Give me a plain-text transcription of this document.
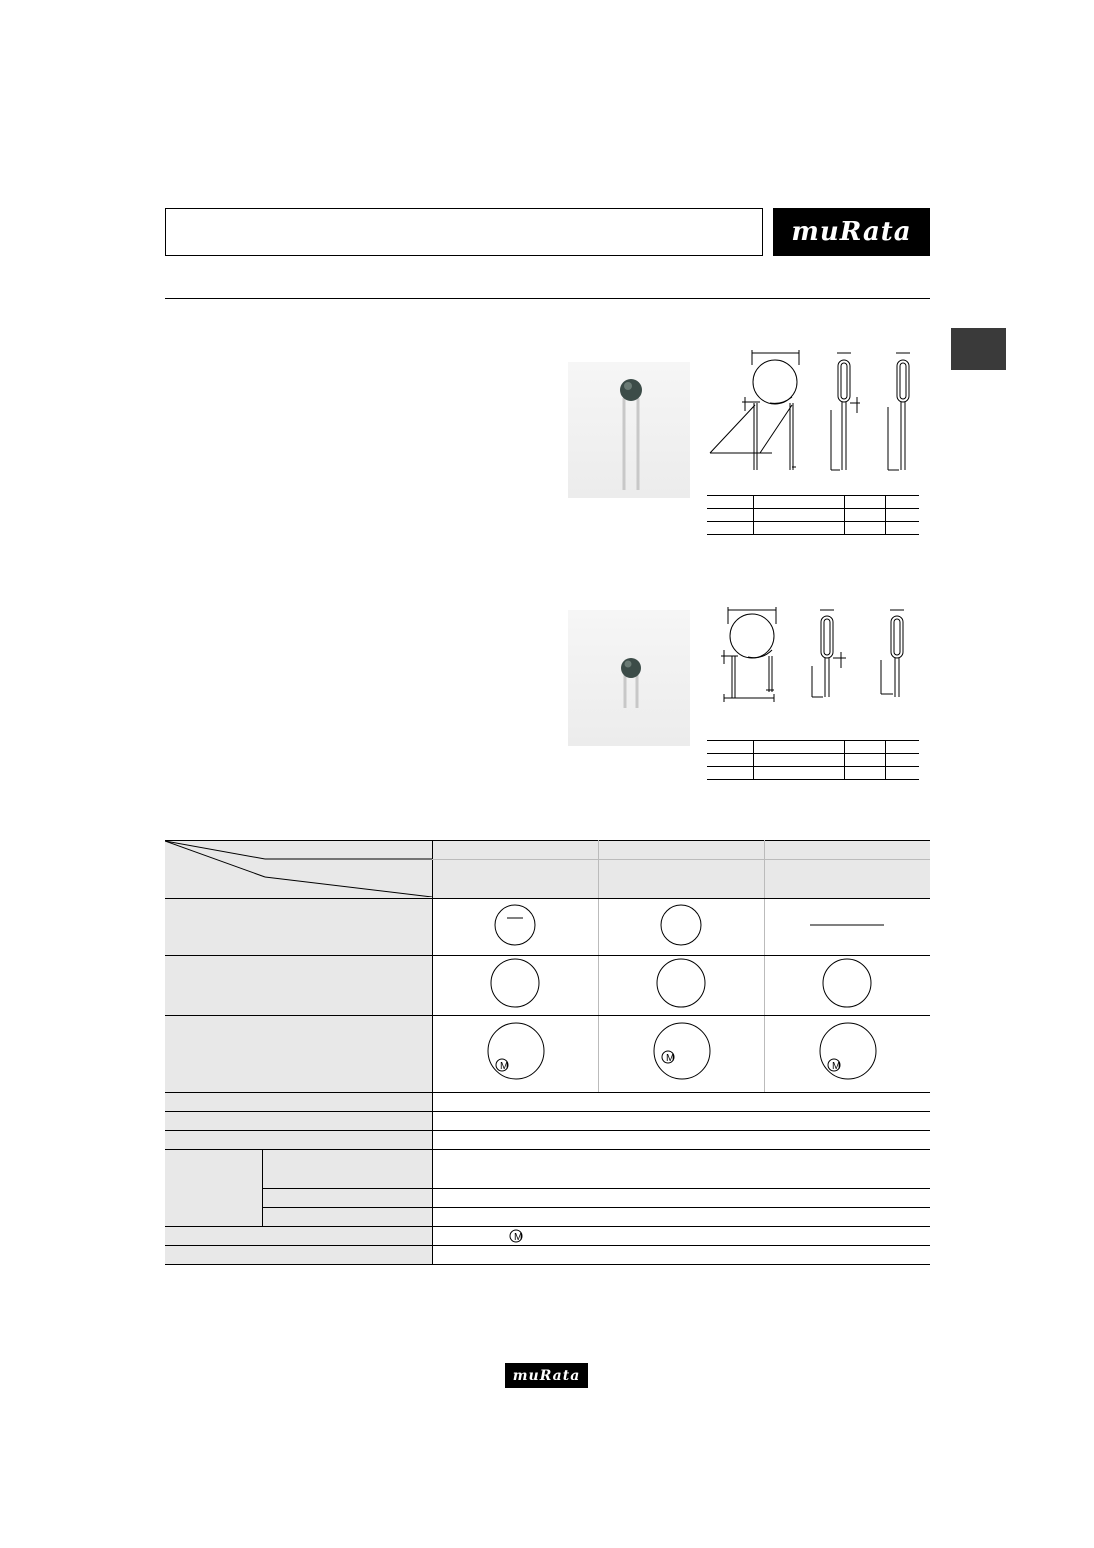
muRata

M	M	M

M		

muRata
